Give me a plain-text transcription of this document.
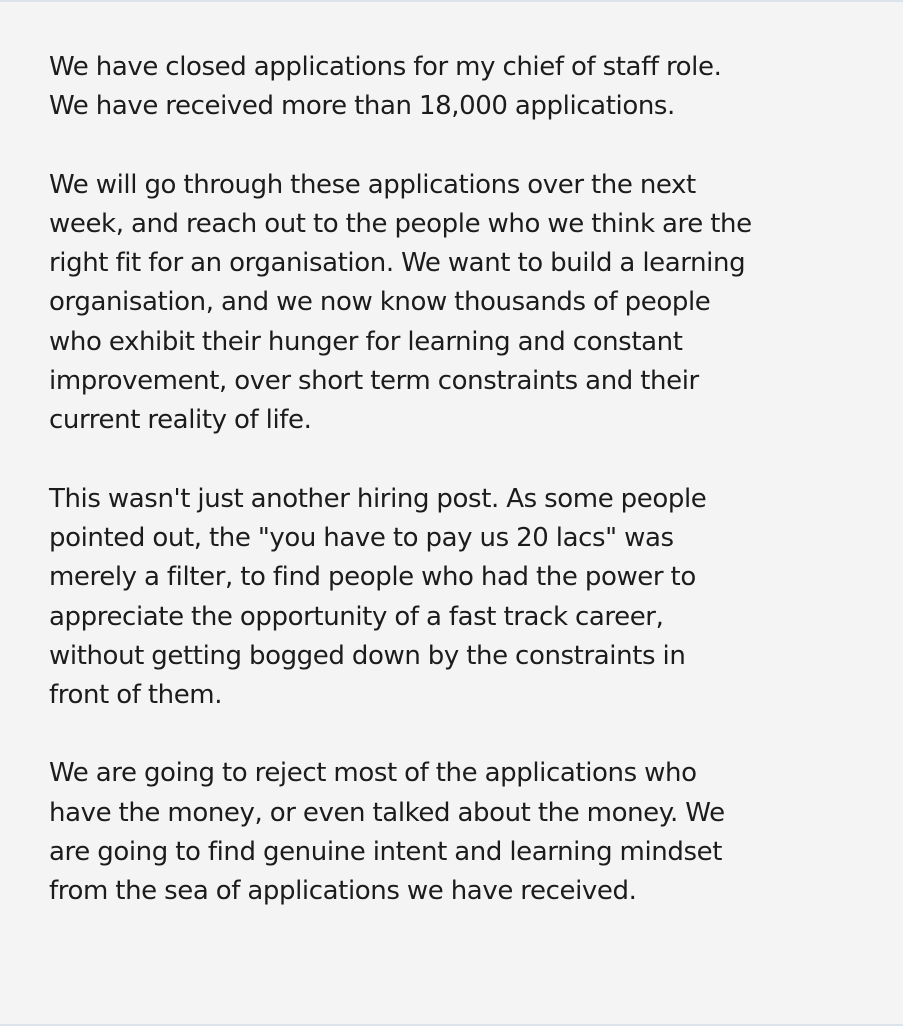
We have closed applications for my chief of staff role.
We have received more than 18,000 applications.

We will go through these applications over the next
week, and reach out to the people who we think are the
right fit for an organisation. We want to build a learning
organisation, and we now know thousands of people
who exhibit their hunger for learning and constant
improvement, over short term constraints and their
current reality of life.

This wasn't just another hiring post. As some people
pointed out, the "you have to pay us 20 lacs" was
merely a filter, to find people who had the power to
appreciate the opportunity of a fast track career,
without getting bogged down by the constraints in
front of them.

We are going to reject most of the applications who
have the money, or even talked about the money. We
are going to find genuine intent and learning mindset
from the sea of applications we have received.
